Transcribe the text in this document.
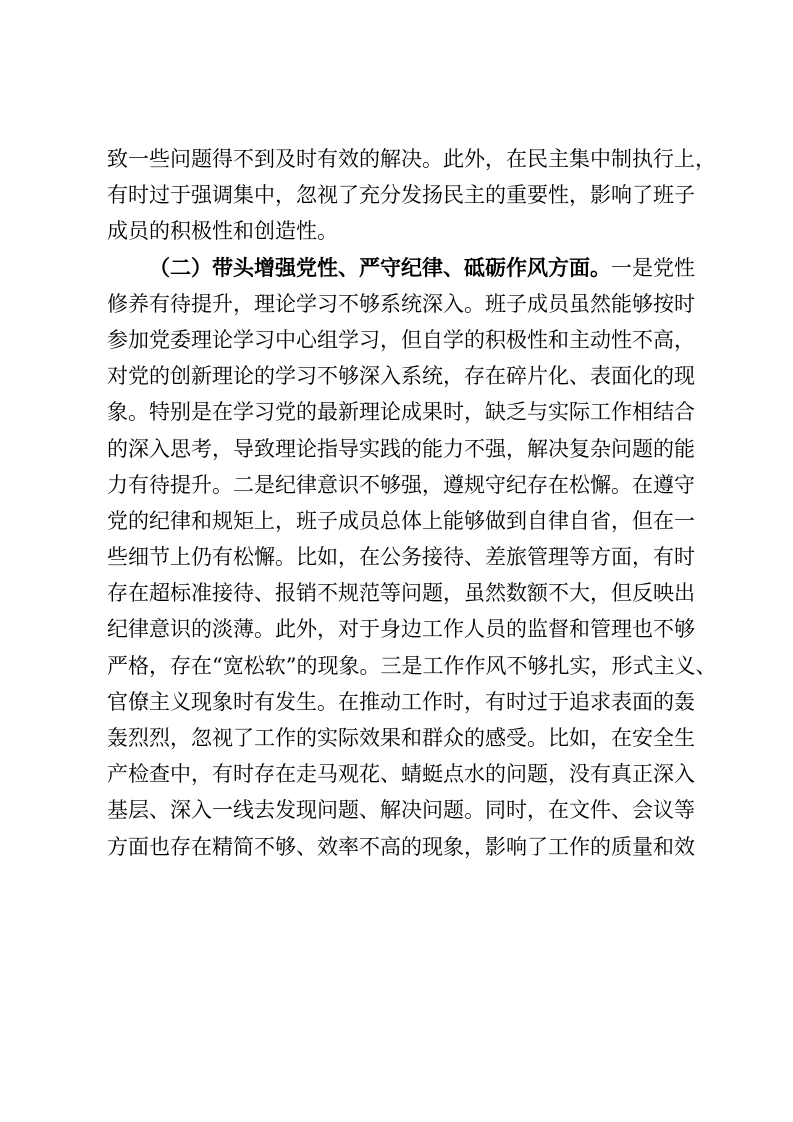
致一些问题得不到及时有效的解决。此外，在民主集中制执行上，
有时过于强调集中，忽视了充分发扬民主的重要性，影响了班子
成员的积极性和创造性。
（二）带头增强党性、严守纪律、砥砺作风方面。一是党性
修养有待提升，理论学习不够系统深入。班子成员虽然能够按时
参加党委理论学习中心组学习，但自学的积极性和主动性不高，
对党的创新理论的学习不够深入系统，存在碎片化、表面化的现
象。特别是在学习党的最新理论成果时，缺乏与实际工作相结合
的深入思考，导致理论指导实践的能力不强，解决复杂问题的能
力有待提升。二是纪律意识不够强，遵规守纪存在松懈。在遵守
党的纪律和规矩上，班子成员总体上能够做到自律自省，但在一
些细节上仍有松懈。比如，在公务接待、差旅管理等方面，有时
存在超标准接待、报销不规范等问题，虽然数额不大，但反映出
纪律意识的淡薄。此外，对于身边工作人员的监督和管理也不够
严格，存在“宽松软”的现象。三是工作作风不够扎实，形式主义、
官僚主义现象时有发生。在推动工作时，有时过于追求表面的轰
轰烈烈，忽视了工作的实际效果和群众的感受。比如，在安全生
产检查中，有时存在走马观花、蜻蜓点水的问题，没有真正深入
基层、深入一线去发现问题、解决问题。同时，在文件、会议等
方面也存在精简不够、效率不高的现象，影响了工作的质量和效
